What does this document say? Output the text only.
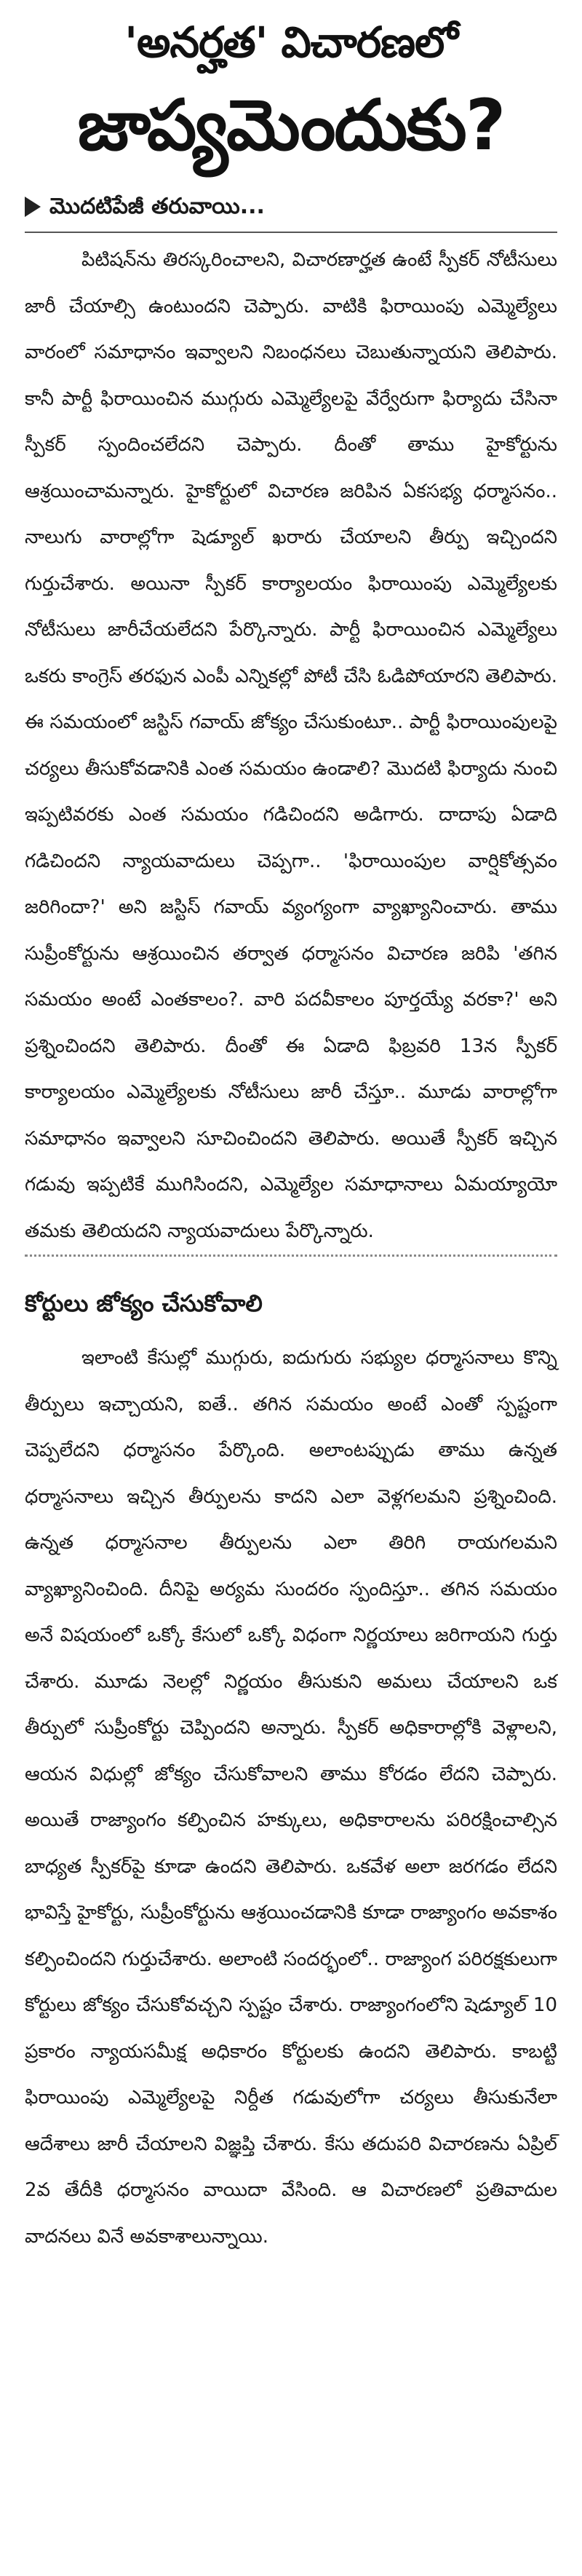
'అనర్హత' విచారణలో
జాప్యమెందుకు?
మొదటిపేజీ తరువాయి...

పిటిషన్‌ను తిరస్కరించాలని, విచారణార్హత ఉంటే స్పీకర్ నోటీసులు జారీ చేయాల్సి ఉంటుందని చెప్పారు. వాటికి ఫిరాయింపు ఎమ్మెల్యేలు వారంలో సమాధానం ఇవ్వాలని నిబంధనలు చెబుతున్నాయని తెలిపారు. కానీ పార్టీ ఫిరాయించిన ముగ్గురు ఎమ్మెల్యేలపై వేర్వేరుగా ఫిర్యాదు చేసినా స్పీకర్ స్పందించలేదని చెప్పారు. దీంతో తాము హైకోర్టును ఆశ్రయించామన్నారు. హైకోర్టులో విచారణ జరిపిన ఏకసభ్య ధర్మాసనం.. నాలుగు వారాల్లోగా షెడ్యూల్ ఖరారు చేయాలని తీర్పు ఇచ్చిందని గుర్తుచేశారు. అయినా స్పీకర్ కార్యాలయం ఫిరాయింపు ఎమ్మెల్యేలకు నోటీసులు జారీచేయలేదని పేర్కొన్నారు. పార్టీ ఫిరాయించిన ఎమ్మెల్యేలు ఒకరు కాంగ్రెస్ తరఫున ఎంపీ ఎన్నికల్లో పోటీ చేసి ఓడిపోయారని తెలిపారు. ఈ సమయంలో జస్టిస్ గవాయ్ జోక్యం చేసుకుంటూ.. పార్టీ ఫిరాయింపులపై చర్యలు తీసుకోవడానికి ఎంత సమయం ఉండాలి? మొదటి ఫిర్యాదు నుంచి ఇప్పటివరకు ఎంత సమయం గడిచిందని అడిగారు. దాదాపు ఏడాది గడిచిందని న్యాయవాదులు చెప్పగా.. 'ఫిరాయింపుల వార్షికోత్సవం జరిగిందా?' అని జస్టిస్ గవాయ్ వ్యంగ్యంగా వ్యాఖ్యానించారు. తాము సుప్రీంకోర్టును ఆశ్రయించిన తర్వాత ధర్మాసనం విచారణ జరిపి 'తగిన సమయం అంటే ఎంతకాలం?. వారి పదవీకాలం పూర్తయ్యే వరకా?' అని ప్రశ్నించిందని తెలిపారు. దీంతో ఈ ఏడాది ఫిబ్రవరి 13న స్పీకర్ కార్యాలయం ఎమ్మెల్యేలకు నోటీసులు జారీ చేస్తూ.. మూడు వారాల్లోగా సమాధానం ఇవ్వాలని సూచించిందని తెలిపారు. అయితే స్పీకర్ ఇచ్చిన గడువు ఇప్పటికే ముగిసిందని, ఎమ్మెల్యేల సమాధానాలు ఏమయ్యాయో తమకు తెలియదని న్యాయవాదులు పేర్కొన్నారు.

కోర్టులు జోక్యం చేసుకోవాలి

ఇలాంటి కేసుల్లో ముగ్గురు, ఐదుగురు సభ్యుల ధర్మాసనాలు కొన్ని తీర్పులు ఇచ్చాయని, ఐతే.. తగిన సమయం అంటే ఎంతో స్పష్టంగా చెప్పలేదని ధర్మాసనం పేర్కొంది. అలాంటప్పుడు తాము ఉన్నత ధర్మాసనాలు ఇచ్చిన తీర్పులను కాదని ఎలా వెళ్లగలమని ప్రశ్నించింది. ఉన్నత ధర్మాసనాల తీర్పులను ఎలా తిరిగి రాయగలమని వ్యాఖ్యానించింది. దీనిపై అర్యమ సుందరం స్పందిస్తూ.. తగిన సమయం అనే విషయంలో ఒక్కో కేసులో ఒక్కో విధంగా నిర్ణయాలు జరిగాయని గుర్తు చేశారు. మూడు నెలల్లో నిర్ణయం తీసుకుని అమలు చేయాలని ఒక తీర్పులో సుప్రీంకోర్టు చెప్పిందని అన్నారు. స్పీకర్ అధికారాల్లోకి వెళ్లాలని, ఆయన విధుల్లో జోక్యం చేసుకోవాలని తాము కోరడం లేదని చెప్పారు. అయితే రాజ్యాంగం కల్పించిన హక్కులు, అధికారాలను పరిరక్షించాల్సిన బాధ్యత స్పీకర్‌పై కూడా ఉందని తెలిపారు. ఒకవేళ అలా జరగడం లేదని భావిస్తే హైకోర్టు, సుప్రీంకోర్టును ఆశ్రయించడానికి కూడా రాజ్యాంగం అవకాశం కల్పించిందని గుర్తుచేశారు. అలాంటి సందర్భంలో.. రాజ్యాంగ పరిరక్షకులుగా కోర్టులు జోక్యం చేసుకోవచ్చని స్పష్టం చేశారు. రాజ్యాంగంలోని షెడ్యూల్ 10 ప్రకారం న్యాయసమీక్ష అధికారం కోర్టులకు ఉందని తెలిపారు. కాబట్టి ఫిరాయింపు ఎమ్మెల్యేలపై నిర్దీత గడువులోగా చర్యలు తీసుకునేలా ఆదేశాలు జారీ చేయాలని విజ్ఞప్తి చేశారు. కేసు తదుపరి విచారణను ఏప్రిల్ 2వ తేదీకి ధర్మాసనం వాయిదా వేసింది. ఆ విచారణలో ప్రతివాదుల వాదనలు వినే అవకాశాలున్నాయి.
